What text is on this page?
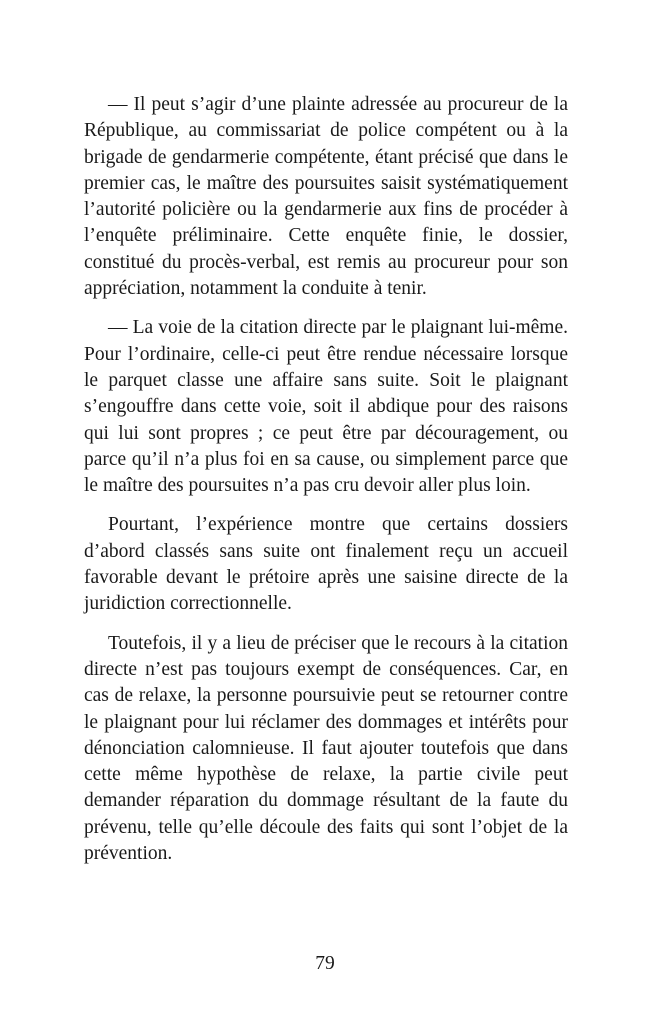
— Il peut s’agir d’une plainte adressée au procureur de la République, au commissariat de police compétent ou à la brigade de gendarmerie compétente, étant précisé que dans le premier cas, le maître des poursuites saisit systématiquement l’autorité policière ou la gendarmerie aux fins de procéder à l’enquête préliminaire. Cette enquête finie, le dossier, constitué du procès-verbal, est remis au procureur pour son appréciation, notamment la conduite à tenir.

— La voie de la citation directe par le plaignant lui-même. Pour l’ordinaire, celle-ci peut être rendue nécessaire lorsque le parquet classe une affaire sans suite. Soit le plaignant s’engouffre dans cette voie, soit il abdique pour des raisons qui lui sont propres ; ce peut être par découragement, ou parce qu’il n’a plus foi en sa cause, ou simplement parce que le maître des poursuites n’a pas cru devoir aller plus loin.

Pourtant, l’expérience montre que certains dossiers d’abord classés sans suite ont finalement reçu un accueil favorable devant le prétoire après une saisine directe de la juridiction correctionnelle.

Toutefois, il y a lieu de préciser que le recours à la citation directe n’est pas toujours exempt de conséquences. Car, en cas de relaxe, la personne poursuivie peut se retourner contre le plaignant pour lui réclamer des dommages et intérêts pour dénonciation calomnieuse. Il faut ajouter toutefois que dans cette même hypothèse de relaxe, la partie civile peut demander réparation du dommage résultant de la faute du prévenu, telle qu’elle découle des faits qui sont l’objet de la prévention.

79
